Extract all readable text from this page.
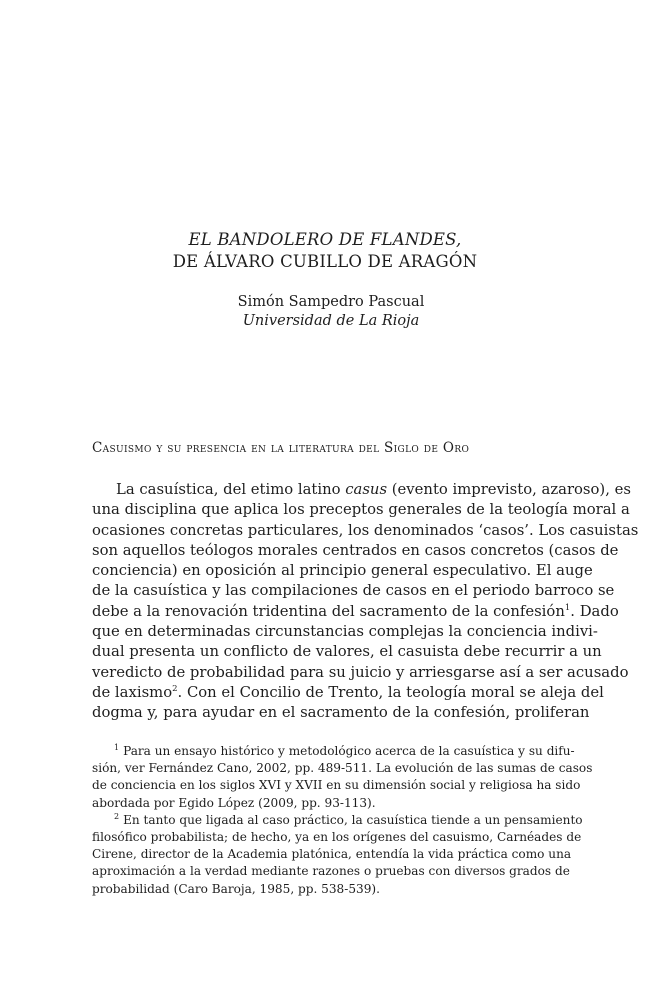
EL BANDOLERO DE FLANDES,
DE ÁLVARO CUBILLO DE ARAGÓN
Simón Sampedro Pascual
Universidad de La Rioja
Casuismo y su presencia en la literatura del Siglo de Oro
La casuística, del etimo latino casus (evento imprevisto, azaroso), es
una disciplina que aplica los preceptos generales de la teología moral a
ocasiones concretas particulares, los denominados ‘casos’. Los casuistas
son aquellos teólogos morales centrados en casos concretos (casos de
conciencia) en oposición al principio general especulativo. El auge
de la casuística y las compilaciones de casos en el periodo barroco se
debe a la renovación tridentina del sacramento de la confesión$^1$. Dado
que en determinadas circunstancias complejas la conciencia indivi-
dual presenta un conflicto de valores, el casuista debe recurrir a un
veredicto de probabilidad para su juicio y arriesgarse así a ser acusado
de laxismo$^2$. Con el Concilio de Trento, la teología moral se aleja del
dogma y, para ayudar en el sacramento de la confesión, proliferan
$^1$ Para un ensayo histórico y metodológico acerca de la casuística y su difu-
sión, ver Fernández Cano, 2002, pp. 489-511. La evolución de las sumas de casos
de conciencia en los siglos XVI y XVII en su dimensión social y religiosa ha sido
abordada por Egido López (2009, pp. 93-113).
$^2$ En tanto que ligada al caso práctico, la casuística tiende a un pensamiento
filosófico probabilista; de hecho, ya en los orígenes del casuismo, Carnéades de
Cirene, director de la Academia platónica, entendía la vida práctica como una
aproximación a la verdad mediante razones o pruebas con diversos grados de
probabilidad (Caro Baroja, 1985, pp. 538-539).
